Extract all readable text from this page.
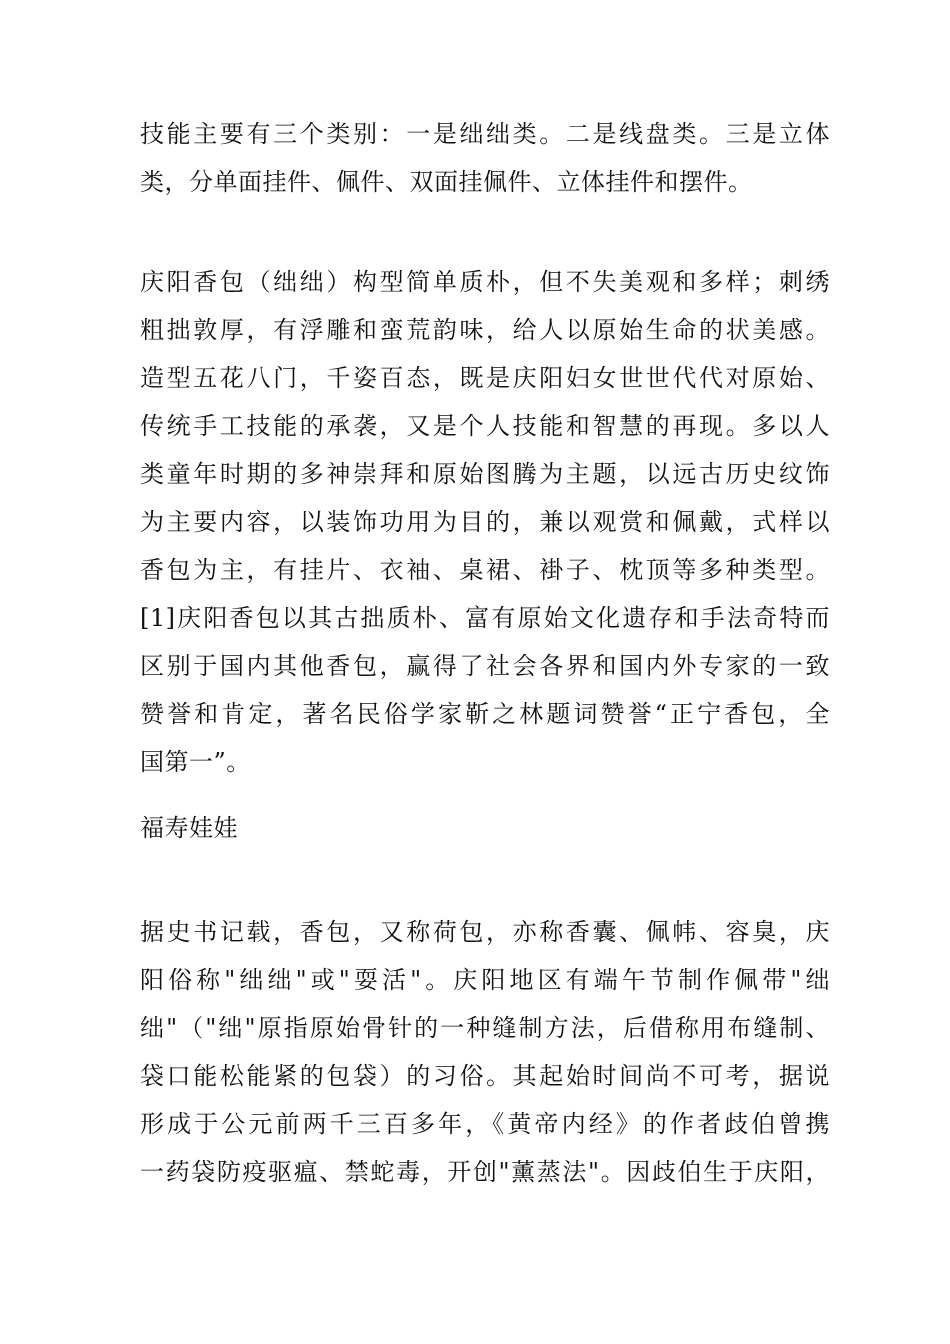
技能主要有三个类别：一是绌绌类。二是线盘类。三是立体
类，分单面挂件、佩件、双面挂佩件、立体挂件和摆件。
庆阳香包（绌绌）构型简单质朴，但不失美观和多样；刺绣
粗拙敦厚，有浮雕和蛮荒韵味，给人以原始生命的状美感。
造型五花八门，千姿百态，既是庆阳妇女世世代代对原始、
传统手工技能的承袭，又是个人技能和智慧的再现。多以人
类童年时期的多神崇拜和原始图腾为主题，以远古历史纹饰
为主要内容，以装饰功用为目的，兼以观赏和佩戴，式样以
香包为主，有挂片、衣袖、桌裙、褂子、枕顶等多种类型。
[1]庆阳香包以其古拙质朴、富有原始文化遗存和手法奇特而
区别于国内其他香包，赢得了社会各界和国内外专家的一致
赞誉和肯定，著名民俗学家靳之林题词赞誉“正宁香包，全
国第一”。
福寿娃娃
据史书记载，香包，又称荷包，亦称香囊、佩帏、容臭，庆
阳俗称"绌绌"或"耍活"。庆阳地区有端午节制作佩带"绌
绌"（"绌"原指原始骨针的一种缝制方法，后借称用布缝制、
袋口能松能紧的包袋）的习俗。其起始时间尚不可考，据说
形成于公元前两千三百多年，《黄帝内经》的作者歧伯曾携
一药袋防疫驱瘟、禁蛇毒，开创"薰蒸法"。因歧伯生于庆阳，
